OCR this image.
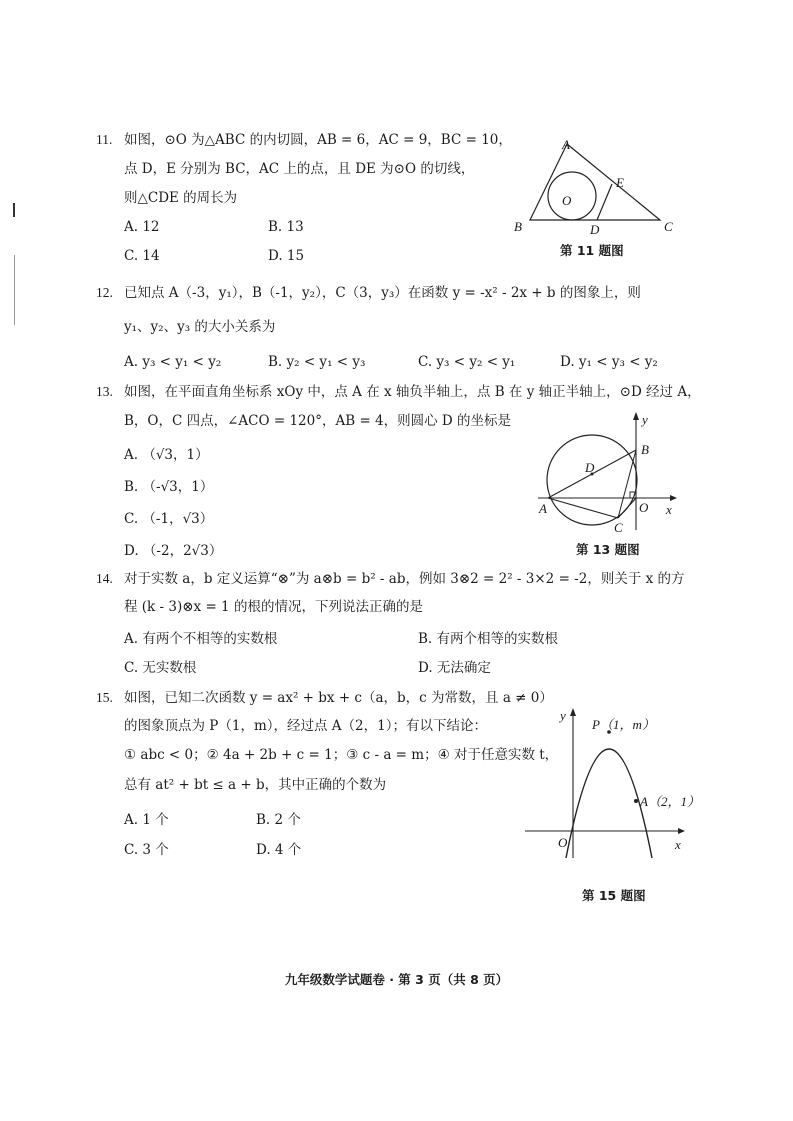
11. 如图，⊙O 为△ABC 的内切圆，AB = 6，AC = 9，BC = 10，
点 D，E 分别为 BC，AC 上的点，且 DE 为⊙O 的切线，
则△CDE 的周长为
A. 12	B. 13
C. 14	D. 15
A
B	C
O
E
D
第 11 题图
12. 已知点 A（-3，y₁），B（-1，y₂），C（3，y₃）在函数 y = -x² - 2x + b 的图象上，则
y₁、y₂、y₃ 的大小关系为
A. y₃ < y₁ < y₂	B. y₂ < y₁ < y₃	C. y₃ < y₂ < y₁	D. y₁ < y₃ < y₂
13. 如图，在平面直角坐标系 xOy 中，点 A 在 x 轴负半轴上，点 B 在 y 轴正半轴上，⊙D 经过 A，
B，O，C 四点，∠ACO = 120°，AB = 4，则圆心 D 的坐标是
A. （√3，1）
B. （-√3，1）
C. （-1，√3）
D. （-2，2√3）
y
B
D
A	O x
C
第 13 题图
14. 对于实数 a，b 定义运算“⊗”为 a⊗b = b² - ab，例如 3⊗2 = 2² - 3×2 = -2，则关于 x 的方
程 (k - 3)⊗x = 1 的根的情况，下列说法正确的是
A. 有两个不相等的实数根	B. 有两个相等的实数根
C. 无实数根	D. 无法确定
15. 如图，已知二次函数 y = ax² + bx + c（a，b，c 为常数，且 a ≠ 0）
的图象顶点为 P（1，m），经过点 A（2，1）；有以下结论：
① abc < 0；② 4a + 2b + c = 1；③ c - a = m；④ 对于任意实数 t，
总有 at² + bt ≤ a + b，其中正确的个数为
A. 1 个	B. 2 个
C. 3 个	D. 4 个
y
P（1，m）
A（2，1）
O	x
第 15 题图
九年级数学试题卷 · 第 3 页（共 8 页）
